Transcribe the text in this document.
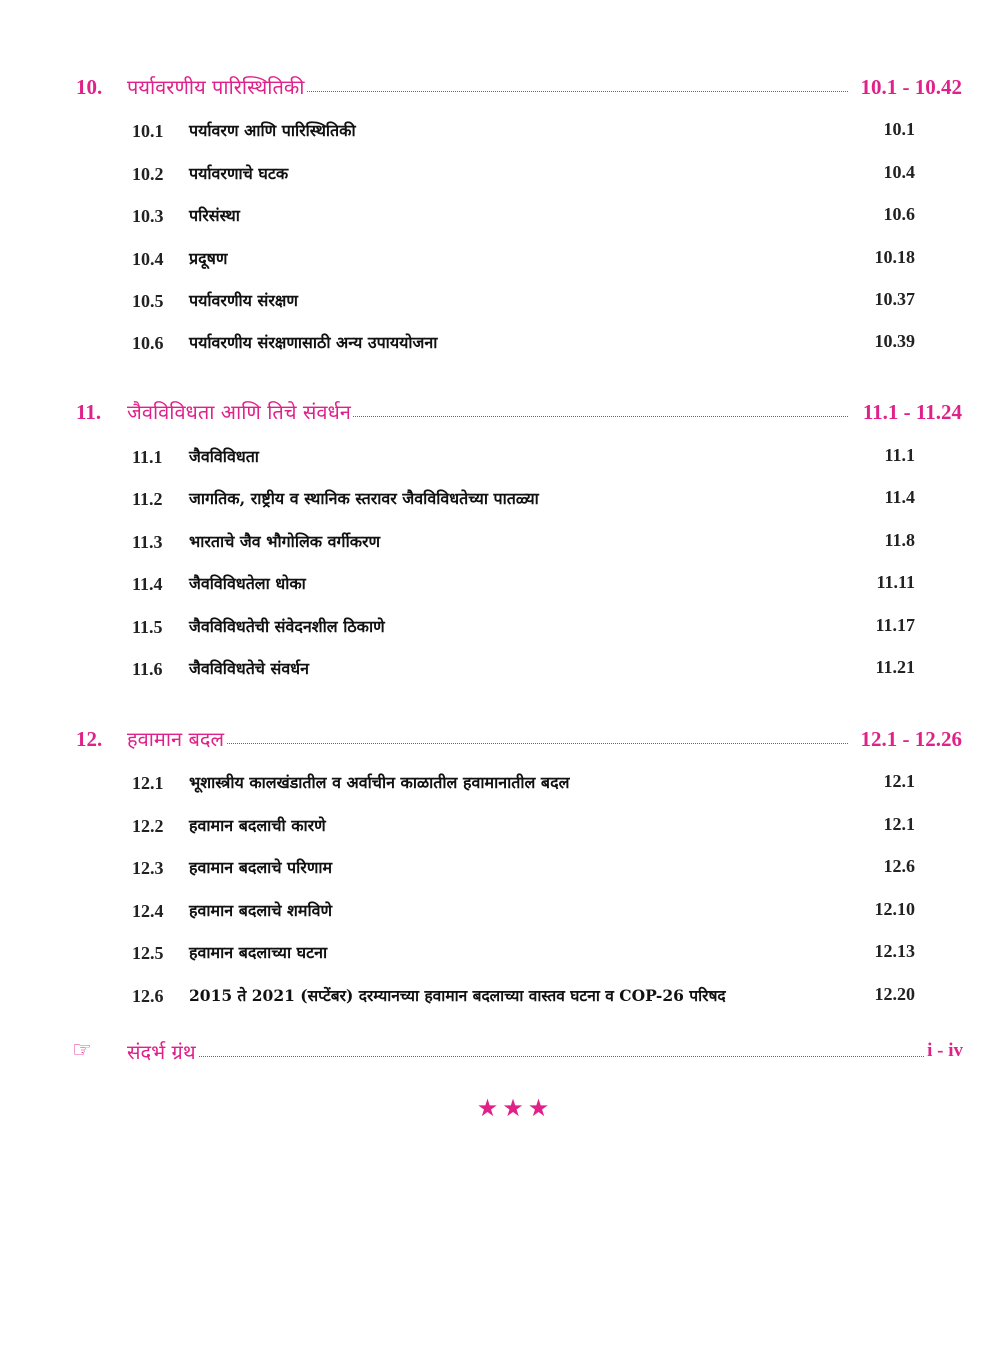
10. पर्यावरणीय पारिस्थितिकी	10.1 - 10.42
10.1 पर्यावरण आणि पारिस्थितिकी	10.1
10.2 पर्यावरणाचे घटक	10.4
10.3 परिसंस्था	10.6
10.4 प्रदूषण	10.18
10.5 पर्यावरणीय संरक्षण	10.37
10.6 पर्यावरणीय संरक्षणासाठी अन्य उपाययोजना	10.39
11. जैवविविधता आणि तिचे संवर्धन	11.1 - 11.24
11.1 जैवविविधता	11.1
11.2 जागतिक, राष्ट्रीय व स्थानिक स्तरावर जैवविविधतेच्या पातळ्या	11.4
11.3 भारताचे जैव भौगोलिक वर्गीकरण	11.8
11.4 जैवविविधतेला धोका	11.11
11.5 जैवविविधतेची संवेदनशील ठिकाणे	11.17
11.6 जैवविविधतेचे संवर्धन	11.21
12. हवामान बदल	12.1 - 12.26
12.1 भूशास्त्रीय कालखंडातील व अर्वाचीन काळातील हवामानातील बदल	12.1
12.2 हवामान बदलाची कारणे	12.1
12.3 हवामान बदलाचे परिणाम	12.6
12.4 हवामान बदलाचे शमविणे	12.10
12.5 हवामान बदलाच्या घटना	12.13
12.6 2015 ते 2021 (सप्टेंबर) दरम्यानच्या हवामान बदलाच्या वास्तव घटना व COP-26 परिषद	12.20
☞ संदर्भ ग्रंथ	i - iv
★★★
